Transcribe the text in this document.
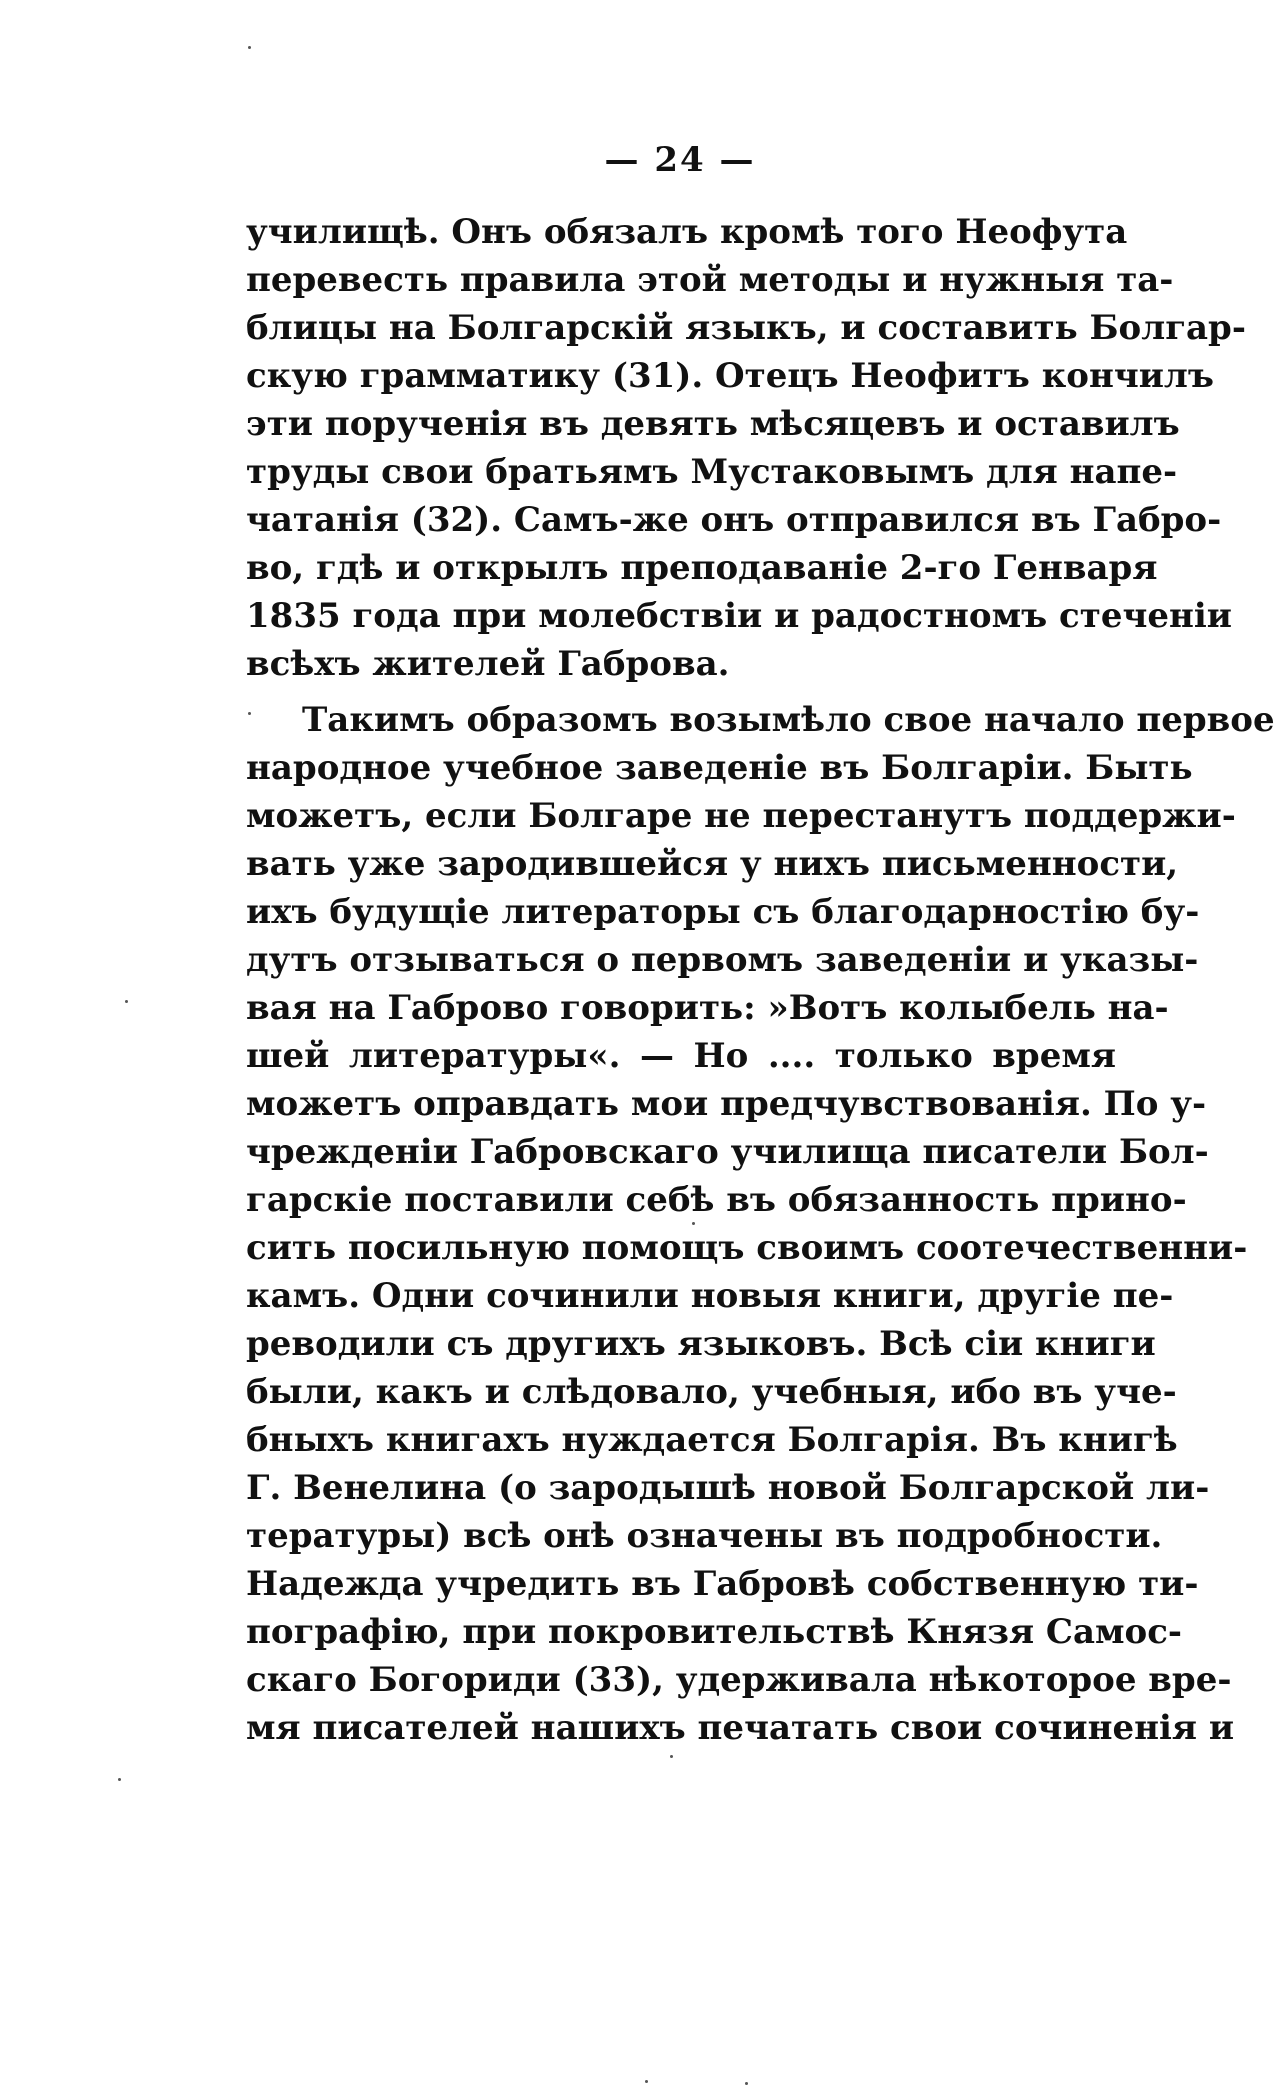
— 24 —
училищѣ. Онъ обязалъ кромѣ того Неофута
перевесть правила этой методы и нужныя та-
блицы на Болгарскій языкъ, и составить Болгар-
скую грамматику (31). Отецъ Неофитъ кончилъ
эти порученія въ девять мѣсяцевъ и оставилъ
труды свои братьямъ Мустаковымъ для напе-
чатанія (32). Самъ-же онъ отправился въ Габро-
во, гдѣ и открылъ преподаваніе 2-го Генваря
1835 года при молебствіи и радостномъ стеченіи
всѣхъ жителей Габрова.
Такимъ образомъ возымѣло свое начало первое
народное учебное заведеніе въ Болгаріи. Быть
можетъ, если Болгаре не перестанутъ поддержи-
вать уже зародившейся у нихъ письменности,
ихъ будущіе литераторы съ благодарностію бу-
дутъ отзываться о первомъ заведеніи и указы-
вая на Габрово говорить: »Вотъ колыбель на-
шей литературы«. — Но .... только время
можетъ оправдать мои предчувствованія. По у-
чрежденіи Габровскаго училища писатели Бол-
гарскіе поставили себѣ въ обязанность прино-
сить посильную помощъ своимъ соотечественни-
камъ. Одни сочинили новыя книги, другіе пе-
реводили съ другихъ языковъ. Всѣ сіи книги
были, какъ и слѣдовало, учебныя, ибо въ уче-
бныхъ книгахъ нуждается Болгарія. Въ книгѣ
Г. Венелина (о зародышѣ новой Болгарской ли-
тературы) всѣ онѣ означены въ подробности.
Надежда учредить въ Габровѣ собственную ти-
пографію, при покровительствѣ Князя Самос-
скаго Богориди (33), удерживала нѣкоторое вре-
мя писателей нашихъ печатать свои сочиненія и
